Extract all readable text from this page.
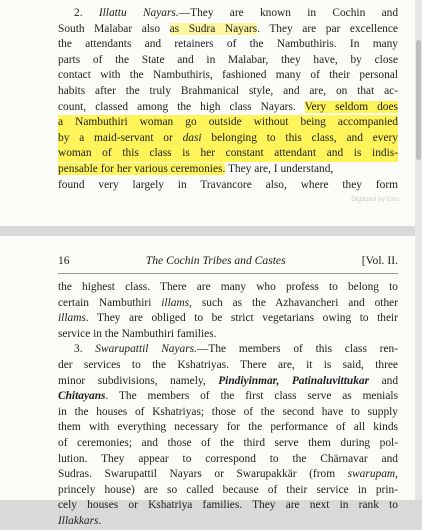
2. Illattu Nayars.—They are known in Cochin and
South Malabar also as Sudra Nayars. They are par excellence
the attendants and retainers of the Nambuthiris. In many
parts of the State and in Malabar, they have, by close
contact with the Nambuthiris, fashioned many of their personal
habits after the truly Brahmanical style, and are, on that ac-
count, classed among the high class Nayars. Very seldom does
a Nambuthiri woman go outside without being accompanied
by a maid-servant or dasi belonging to this class, and every
woman of this class is her constant attendant and is indis-
pensable for her various ceremonies. They are, I understand,
found very largely in Travancore also, where they form
Digitized by Goo
16	The Cochin Tribes and Castes	[Vol. II.
the highest class. There are many who profess to belong to
certain Nambuthiri illams, such as the Azhavancheri and other
illams. They are obliged to be strict vegetarians owing to their
service in the Nambuthiri families.
3. Swarupattil Nayars.—The members of this class ren-
der services to the Kshatriyas. There are, it is said, three
minor subdivisions, namely, Pindiyinmar, Patinaluvittukar and
Chitayans. The members of the first class serve as menials
in the houses of Kshatriyas; those of the second have to supply
them with everything necessary for the performance of all kinds
of ceremonies; and those of the third serve them during pol-
lution. They appear to correspond to the Chärnavar and
Sudras. Swarupattil Nayars or Swarupakkär (from swarupam,
princely house) are so called because of their service in prin-
cely houses or Kshatriya families. They are next in rank to
Illakkars.
